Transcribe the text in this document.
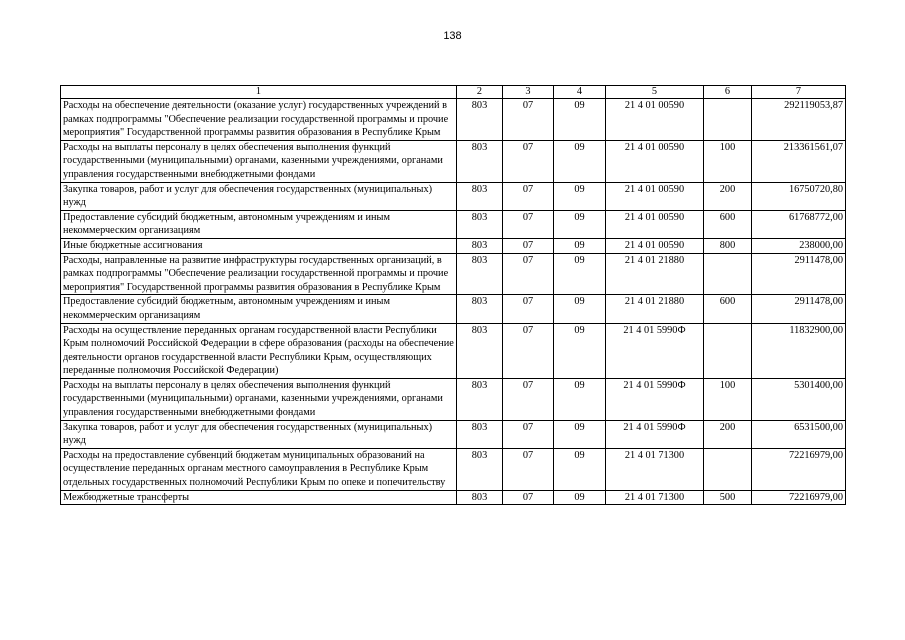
138
1	2	3	4	5	6	7
Расходы на обеспечение деятельности (оказание услуг) государственных учреждений в рамках подпрограммы "Обеспечение реализации государственной программы и прочие мероприятия" Государственной программы развития образования в Республике Крым	803	07	09	21 4 01 00590		292119053,87
Расходы на выплаты персоналу в целях обеспечения выполнения функций государственными (муниципальными) органами, казенными учреждениями, органами управления государственными внебюджетными фондами	803	07	09	21 4 01 00590	100	213361561,07
Закупка товаров, работ и услуг для обеспечения государственных (муниципальных) нужд	803	07	09	21 4 01 00590	200	16750720,80
Предоставление субсидий бюджетным, автономным учреждениям и иным некоммерческим организациям	803	07	09	21 4 01 00590	600	61768772,00
Иные бюджетные ассигнования	803	07	09	21 4 01 00590	800	238000,00
Расходы, направленные на развитие инфраструктуры государственных организаций, в рамках подпрограммы "Обеспечение реализации государственной программы и прочие мероприятия" Государственной программы развития образования в Республике Крым	803	07	09	21 4 01 21880		2911478,00
Предоставление субсидий бюджетным, автономным учреждениям и иным некоммерческим организациям	803	07	09	21 4 01 21880	600	2911478,00
Расходы на осуществление переданных органам государственной власти Республики Крым полномочий Российской Федерации в сфере образования (расходы на обеспечение деятельности органов государственной власти Республики Крым, осуществляющих переданные полномочия Российской Федерации)	803	07	09	21 4 01 5990Ф		11832900,00
Расходы на выплаты персоналу в целях обеспечения выполнения функций государственными (муниципальными) органами, казенными учреждениями, органами управления государственными внебюджетными фондами	803	07	09	21 4 01 5990Ф	100	5301400,00
Закупка товаров, работ и услуг для обеспечения государственных (муниципальных) нужд	803	07	09	21 4 01 5990Ф	200	6531500,00
Расходы на предоставление субвенций бюджетам муниципальных образований на осуществление переданных органам местного самоуправления в Республике Крым отдельных государственных полномочий Республики Крым по опеке и попечительству	803	07	09	21 4 01 71300		72216979,00
Межбюджетные трансферты	803	07	09	21 4 01 71300	500	72216979,00
